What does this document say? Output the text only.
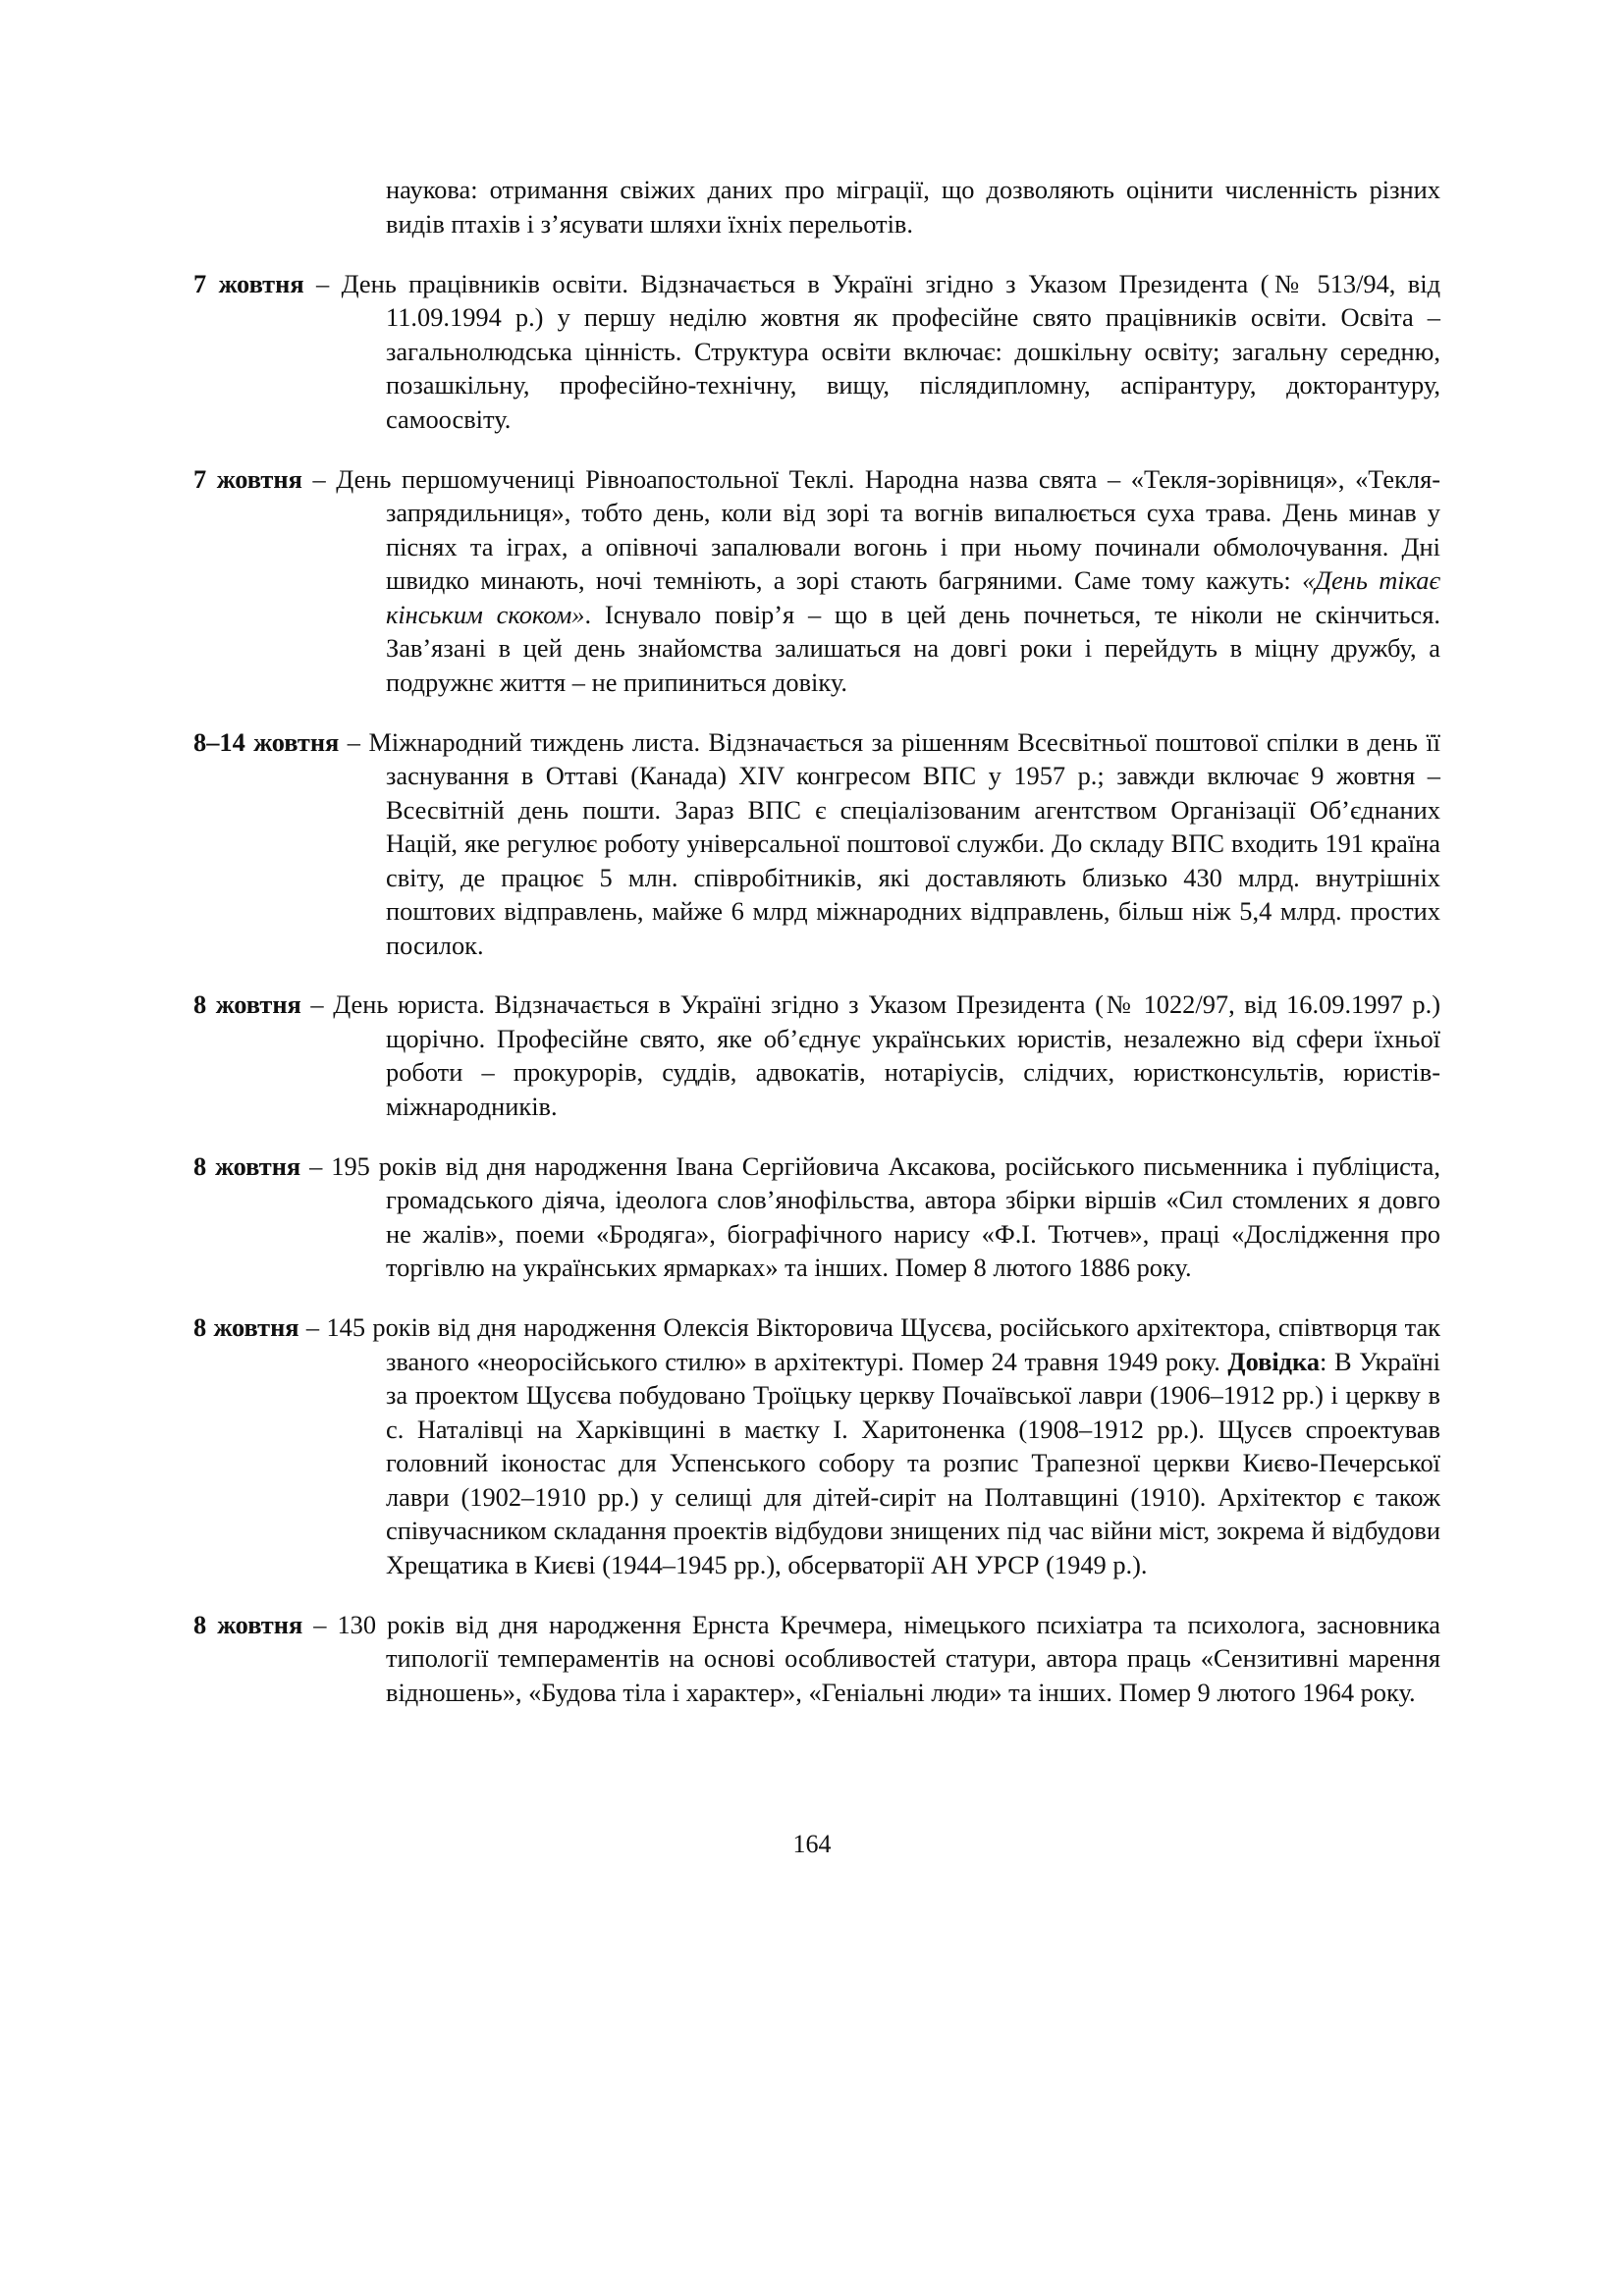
наукова: отримання свіжих даних про міграції, що дозволяють оцінити численність різних видів птахів і з’ясувати шляхи їхніх перельотів.

7 жовтня – День працівників освіти. Відзначається в Україні згідно з Указом Президента (№ 513/94, від 11.09.1994 р.) у першу неділю жовтня як професійне свято працівників освіти. Освіта – загальнолюдська цінність. Структура освіти включає: дошкільну освіту; загальну середню, позашкільну, професійно-технічну, вищу, післядипломну, аспірантуру, докторантуру, самоосвіту.

7 жовтня – День першомучениці Рівноапостольної Теклі. Народна назва свята – «Текля-зорівниця», «Текля-запрядильниця», тобто день, коли від зорі та вогнів випалюється суха трава. День минав у піснях та іграх, а опівночі запалювали вогонь і при ньому починали обмолочування. Дні швидко минають, ночі темніють, а зорі стають багряними. Саме тому кажуть: «День тікає кінським скоком». Існувало повір’я – що в цей день почнеться, те ніколи не скінчиться. Зав’язані в цей день знайомства залишаться на довгі роки і перейдуть в міцну дружбу, а подружнє життя – не припиниться довіку.

8–14 жовтня – Міжнародний тиждень листа. Відзначається за рішенням Всесвітньої поштової спілки в день її заснування в Оттаві (Канада) XIV конгресом ВПС у 1957 р.; завжди включає 9 жовтня – Всесвітній день пошти. Зараз ВПС є спеціалізованим агентством Організації Об’єднаних Націй, яке регулює роботу універсальної поштової служби. До складу ВПС входить 191 країна світу, де працює 5 млн. співробітників, які доставляють близько 430 млрд. внутрішніх поштових відправлень, майже 6 млрд міжнародних відправлень, більш ніж 5,4 млрд. простих посилок.

8 жовтня – День юриста. Відзначається в Україні згідно з Указом Президента (№ 1022/97, від 16.09.1997 р.) щорічно. Професійне свято, яке об’єднує українських юристів, незалежно від сфери їхньої роботи – прокурорів, суддів, адвокатів, нотаріусів, слідчих, юристконсультів, юристів-міжнародників.

8 жовтня – 195 років від дня народження Івана Сергійовича Аксакова, російського письменника і публіциста, громадського діяча, ідеолога слов’янофільства, автора збірки віршів «Сил стомлених я довго не жалів», поеми «Бродяга», біографічного нарису «Ф.І. Тютчев», праці «Дослідження про торгівлю на українських ярмарках» та інших. Помер 8 лютого 1886 року.

8 жовтня – 145 років від дня народження Олексія Вікторовича Щусєва, російського архітектора, співтворця так званого «неоросійського стилю» в архітектурі. Помер 24 травня 1949 року. Довідка: В Україні за проектом Щусєва побудовано Троїцьку церкву Почаївської лаври (1906–1912 рр.) і церкву в с. Наталівці на Харківщині в маєтку І. Харитоненка (1908–1912 рр.). Щусєв спроектував головний іконостас для Успенського собору та розпис Трапезної церкви Києво-Печерської лаври (1902–1910 рр.) у селищі для дітей-сиріт на Полтавщині (1910). Архітектор є також співучасником складання проектів відбудови знищених під час війни міст, зокрема й відбудови Хрещатика в Києві (1944–1945 рр.), обсерваторії АН УРСР (1949 р.).

8 жовтня – 130 років від дня народження Ернста Кречмера, німецького психіатра та психолога, засновника типології темпераментів на основі особливостей статури, автора праць «Сензитивні марення відношень», «Будова тіла і характер», «Геніальні люди» та інших. Помер 9 лютого 1964 року.

164
